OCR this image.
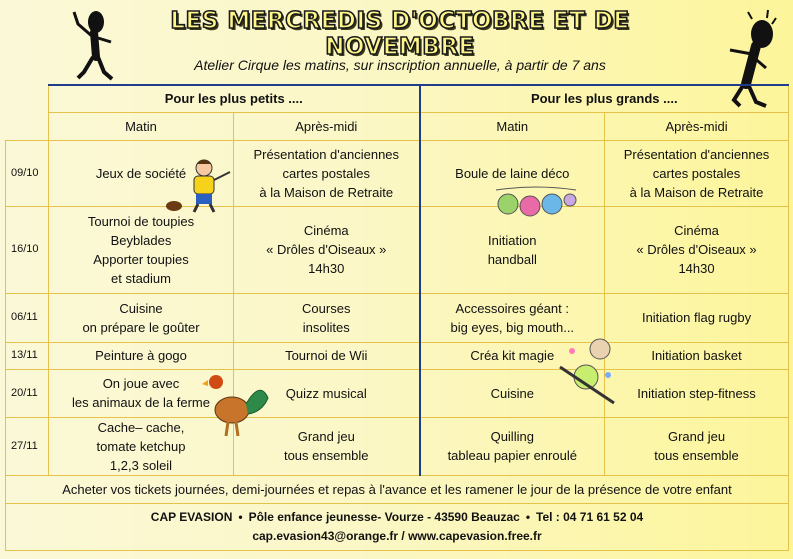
LES MERCREDIS D'OCTOBRE ET DE NOVEMBRE
Atelier Cirque les matins, sur inscription annuelle, à partir de 7 ans
	Pour les plus petits ....		Pour les plus grands ....	
	Matin	Après-midi	Matin	Après-midi
09/10	Jeux de société	Présentation d'anciennes
cartes postales
à la Maison de Retraite	Boule de laine déco	Présentation d'anciennes
cartes postales
à la Maison de Retraite

16/10	Tournoi de toupies
Beyblades
Apporter toupies
et stadium	Cinéma
« Drôles d'Oiseaux »
14h30	Initiation
handball	Cinéma
« Drôles d'Oiseaux »
14h30

06/11	Cuisine
on prépare le goûter	Courses
insolites	Accessoires géant :
big eyes, big mouth...	Initiation flag rugby

13/11	Peinture à gogo	Tournoi de Wii	Créa kit magie	Initiation basket

20/11	On joue avec
les animaux de la ferme	Quizz musical	Cuisine	Initiation step-fitness

27/11	Cache– cache,
tomate ketchup
1,2,3 soleil	Grand jeu
tous ensemble	Quilling
tableau papier enroulé	Grand jeu
tous ensemble

Acheter vos tickets journées, demi-journées et repas à l'avance et les ramener le jour de la présence de votre enfant				

CAP EVASION • Pôle enfance jeunesse- Vourze - 43590 Beauzac • Tel : 04 71 61 52 04
cap.evasion43@orange.fr / www.capevasion.free.fr				
